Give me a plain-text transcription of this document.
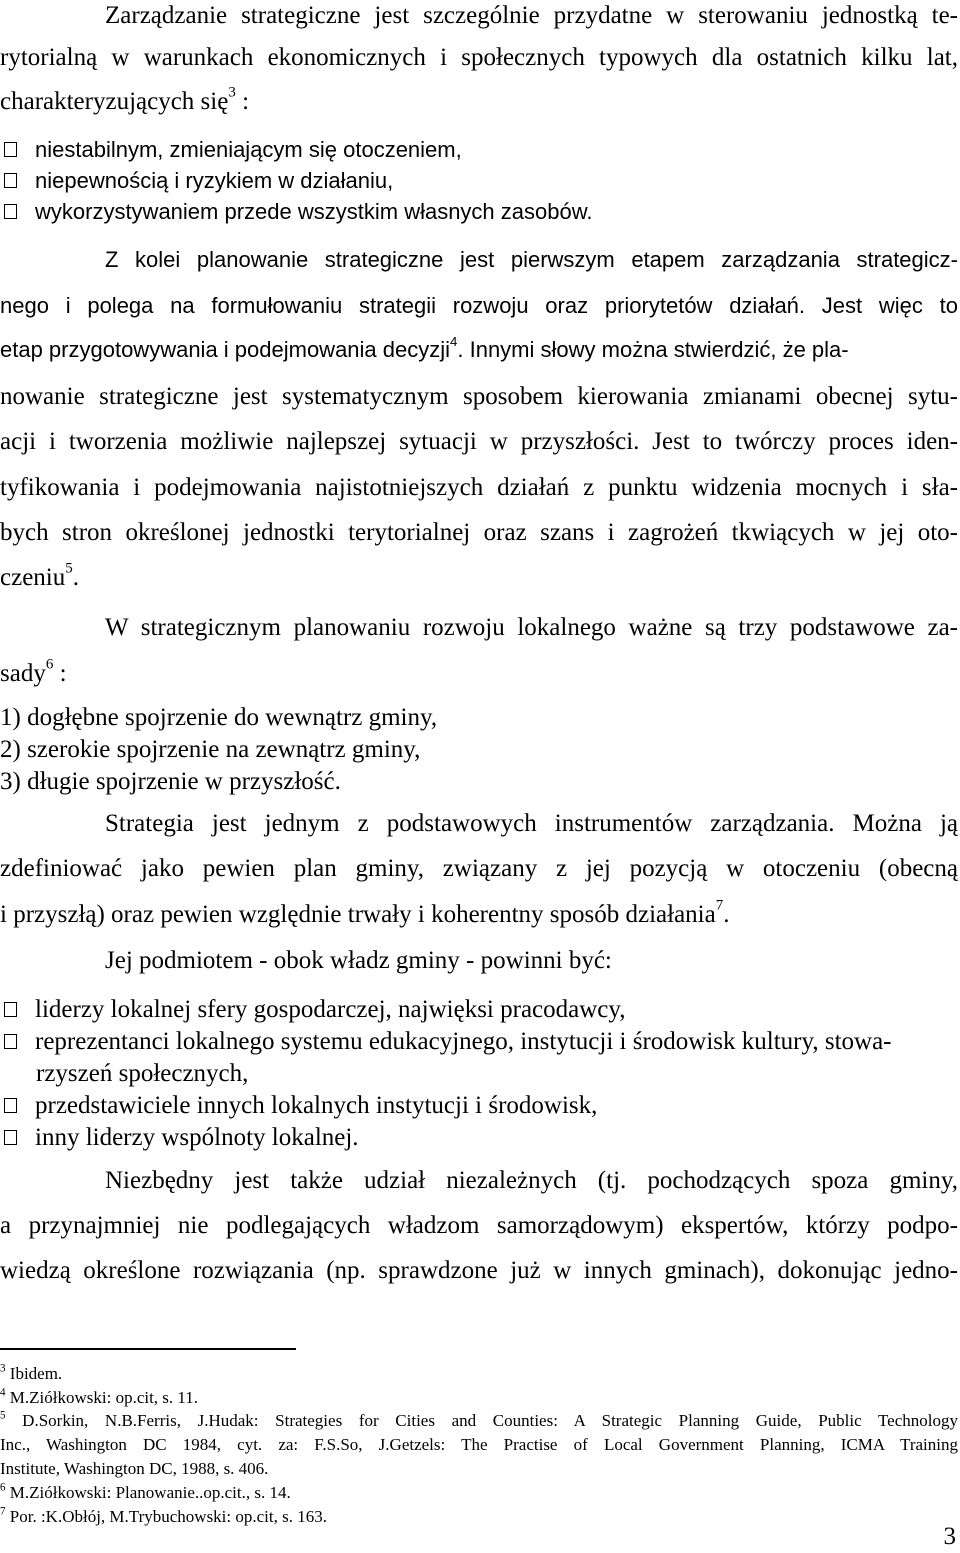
Zarządzanie strategiczne jest szczególnie przydatne w sterowaniu jednostką te-
rytorialną w warunkach ekonomicznych i społecznych typowych dla ostatnich kilku lat,
charakteryzujących się$^3$ :
niestabilnym, zmieniającym się otoczeniem,
niepewnością i ryzykiem w działaniu,
wykorzystywaniem przede wszystkim własnych zasobów.
Z kolei planowanie strategiczne jest pierwszym etapem zarządzania strategicz-
nego i polega na formułowaniu strategii rozwoju oraz priorytetów działań. Jest więc to
etap przygotowywania i podejmowania decyzji$^4$. Innymi słowy można stwierdzić, że pla-
nowanie strategiczne jest systematycznym sposobem kierowania zmianami obecnej sytu-
acji i tworzenia możliwie najlepszej sytuacji w przyszłości. Jest to twórczy proces iden-
tyfikowania i podejmowania najistotniejszych działań z punktu widzenia mocnych i sła-
bych stron określonej jednostki terytorialnej oraz szans i zagrożeń tkwiących w jej oto-
czeniu$^5$.
W strategicznym planowaniu rozwoju lokalnego ważne są trzy podstawowe za-
sady$^6$ :
1) dogłębne spojrzenie do wewnątrz gminy,
2) szerokie spojrzenie na zewnątrz gminy,
3) długie spojrzenie w przyszłość.
Strategia jest jednym z podstawowych instrumentów zarządzania. Można ją
zdefiniować jako pewien plan gminy, związany z jej pozycją w otoczeniu (obecną
i przyszłą) oraz pewien względnie trwały i koherentny sposób działania$^7$.
Jej podmiotem - obok władz gminy - powinni być:
liderzy lokalnej sfery gospodarczej, najwięksi pracodawcy,
reprezentanci lokalnego systemu edukacyjnego, instytucji i środowisk kultury, stowa-
rzyszeń społecznych,
przedstawiciele innych lokalnych instytucji i środowisk,
inny liderzy wspólnoty lokalnej.
Niezbędny jest także udział niezależnych (tj. pochodzących spoza gminy,
a przynajmniej nie podlegających władzom samorządowym) ekspertów, którzy podpo-
wiedzą określone rozwiązania (np. sprawdzone już w innych gminach), dokonując jedno-
$^3$ Ibidem.
$^4$ M.Ziółkowski: op.cit, s. 11.
$^5$ D.Sorkin, N.B.Ferris, J.Hudak: Strategies for Cities and Counties: A Strategic Planning Guide, Public Technology
Inc., Washington DC 1984, cyt. za: F.S.So, J.Getzels: The Practise of Local Government Planning, ICMA Training
Institute, Washington DC, 1988, s. 406.
$^6$ M.Ziółkowski: Planowanie..op.cit., s. 14.
$^7$ Por. :K.Obłój, M.Trybuchowski: op.cit, s. 163.
3
